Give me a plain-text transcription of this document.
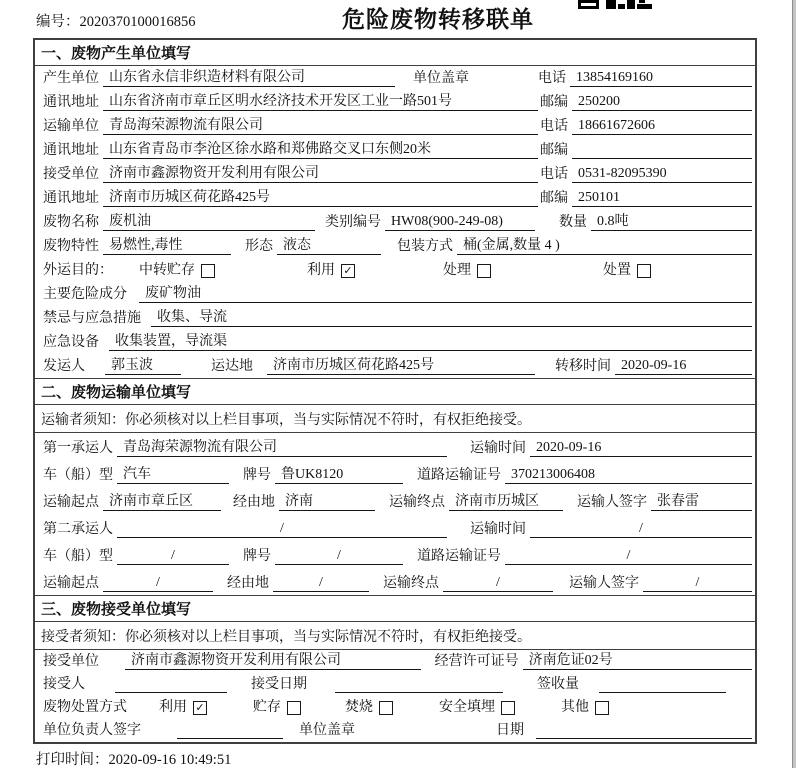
编号：2020370100016856	危险废物转移联单
一、废物产生单位填写
产生单位 山东省永信非织造材料有限公司	单位盖章	电话 13854169160
通讯地址 山东省济南市章丘区明水经济技术开发区工业一路501号	邮编 250200
运输单位 青岛海荣源物流有限公司	电话 18661672606
通讯地址 山东省青岛市李沧区徐水路和郑佛路交叉口东侧20米	邮编
接受单位 济南市鑫源物资开发利用有限公司	电话 0531-82095390
通讯地址 济南市历城区荷花路425号	邮编 250101
废物名称 废机油	类别编号 HW08(900-249-08)	数量 0.8吨
废物特性 易燃性,毒性	形态 液态	包装方式 桶(金属,数量 4 )
外运目的： 中转贮存	利用 ✓	处理	处置
主要危险成分	废矿物油
禁忌与应急措施	收集、导流
应急设备	收集装置，导流渠
发运人	郭玉波	运达地	济南市历城区荷花路425号	转移时间 2020-09-16
二、废物运输单位填写
运输者须知：你必须核对以上栏目事项，当与实际情况不符时，有权拒绝接受。
第一承运人 青岛海荣源物流有限公司	运输时间 2020-09-16
车（船）型 汽车	牌号 鲁UK8120	道路运输证号 370213006408
运输起点 济南市章丘区	经由地 济南	运输终点 济南市历城区	运输人签字 张春雷
第二承运人	/	运输时间	/
车（船）型	/	牌号	/	道路运输证号	/
运输起点	/	经由地	/	运输终点	/	运输人签字	/
三、废物接受单位填写
接受者须知：你必须核对以上栏目事项，当与实际情况不符时，有权拒绝接受。
接受单位	济南市鑫源物资开发利用有限公司	经营许可证号 济南危证02号
接受人	接受日期	签收量
废物处置方式 利用 ✓	贮存	焚烧	安全填埋	其他
单位负责人签字	单位盖章	日期
打印时间：2020-09-16 10:49:51
